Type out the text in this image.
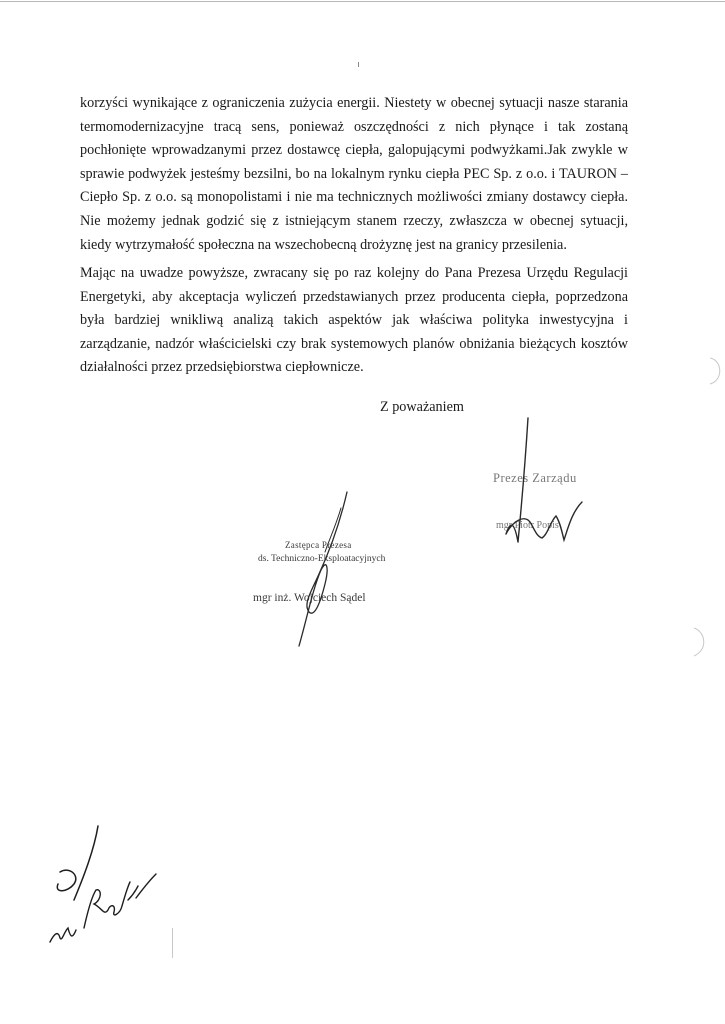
korzyści wynikające z ograniczenia zużycia energii. Niestety w obecnej sytuacji nasze starania termomodernizacyjne tracą sens, ponieważ oszczędności z nich płynące i tak zostaną pochłonięte wprowadzanymi przez dostawcę ciepła, galopującymi podwyżkami.Jak zwykle w sprawie podwyżek jesteśmy bezsilni, bo na lokalnym rynku ciepła PEC Sp. z o.o. i TAURON – Ciepło Sp. z o.o. są monopolistami i nie ma technicznych możliwości zmiany dostawcy ciepła. Nie możemy jednak godzić się z istniejącym stanem rzeczy, zwłaszcza w obecnej sytuacji, kiedy wytrzymałość społeczna na wszechobecną drożyznę jest na granicy przesilenia.

Mając na uwadze powyższe, zwracany się po raz kolejny do Pana Prezesa Urzędu Regulacji Energetyki, aby akceptacja wyliczeń przedstawianych przez producenta ciepła, poprzedzona była bardziej wnikliwą analizą takich aspektów jak właściwa polityka inwestycyjna i zarządzanie, nadzór właścicielski czy brak systemowych planów obniżania bieżących kosztów działalności przez przedsiębiorstwa ciepłownicze.

Z poważaniem

Prezes Zarządu
mgr Piotr Popis
Zastępca Prezesa
ds. Techniczno-Eksploatacyjnych
mgr inż. Wojciech Sądel
